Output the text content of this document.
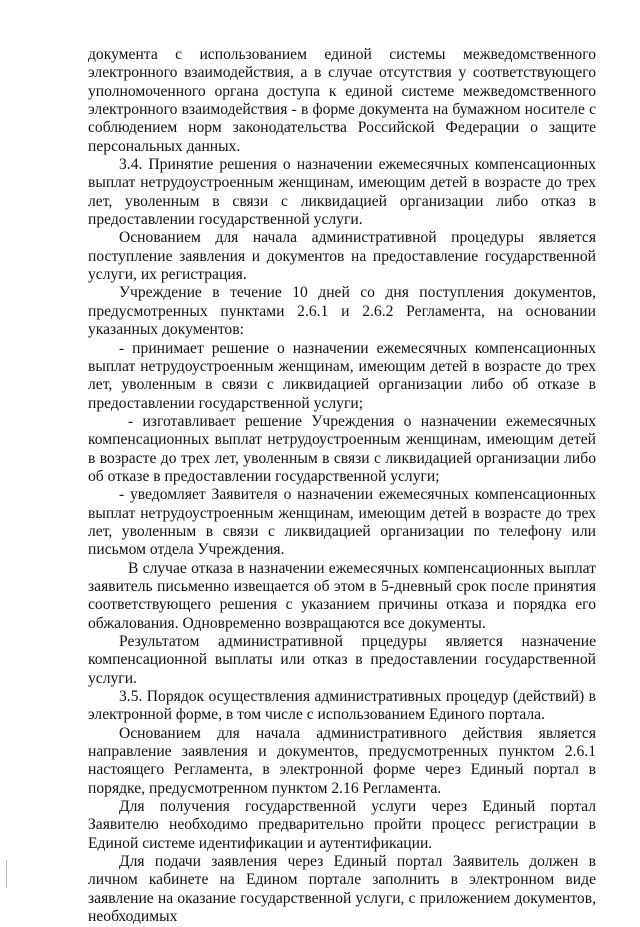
документа с использованием единой системы межведомственного электронного взаимодействия, а в случае отсутствия у соответствующего уполномоченного органа доступа к единой системе межведомственного электронного взаимодействия - в форме документа на бумажном носителе с соблюдением норм законодательства Российской Федерации о защите персональных данных.

3.4. Принятие решения о назначении ежемесячных компенсационных выплат нетрудоустроенным женщинам, имеющим детей в возрасте до трех лет, уволенным в связи с ликвидацией организации либо отказ в предоставлении государственной услуги.

Основанием для начала административной процедуры является поступление заявления и документов на предоставление государственной услуги, их регистрация.

Учреждение в течение 10 дней со дня поступления документов, предусмотренных пунктами 2.6.1 и 2.6.2 Регламента, на основании указанных документов:

- принимает решение о назначении ежемесячных компенсационных выплат нетрудоустроенным женщинам, имеющим детей в возрасте до трех лет, уволенным в связи с ликвидацией организации либо об отказе в предоставлении государственной услуги;

- изготавливает решение Учреждения о назначении ежемесячных компенсационных выплат нетрудоустроенным женщинам, имеющим детей в возрасте до трех лет, уволенным в связи с ликвидацией организации либо об отказе в предоставлении государственной услуги;

- уведомляет Заявителя о назначении ежемесячных компенсационных выплат нетрудоустроенным женщинам, имеющим детей в возрасте до трех лет, уволенным в связи с ликвидацией организации по телефону или письмом отдела Учреждения.

В случае отказа в назначении ежемесячных компенсационных выплат заявитель письменно извещается об этом в 5-дневный срок после принятия соответствующего решения с указанием причины отказа и порядка его обжалования. Одновременно возвращаются все документы.

Результатом административной прцедуры является назначение компенсационной выплаты или отказ в предоставлении государственной услуги.

3.5. Порядок осуществления административных процедур (действий) в электронной форме, в том числе с использованием Единого портала.

Основанием для начала административного действия является направление заявления и документов, предусмотренных пунктом 2.6.1 настоящего Регламента, в электронной форме через Единый портал в порядке, предусмотренном пунктом 2.16 Регламента.

Для получения государственной услуги через Единый портал Заявителю необходимо предварительно пройти процесс регистрации в Единой системе идентификации и аутентификации.

Для подачи заявления через Единый портал Заявитель должен в личном кабинете на Едином портале заполнить в электронном виде заявление на оказание государственной услуги, с приложением документов, необходимых
